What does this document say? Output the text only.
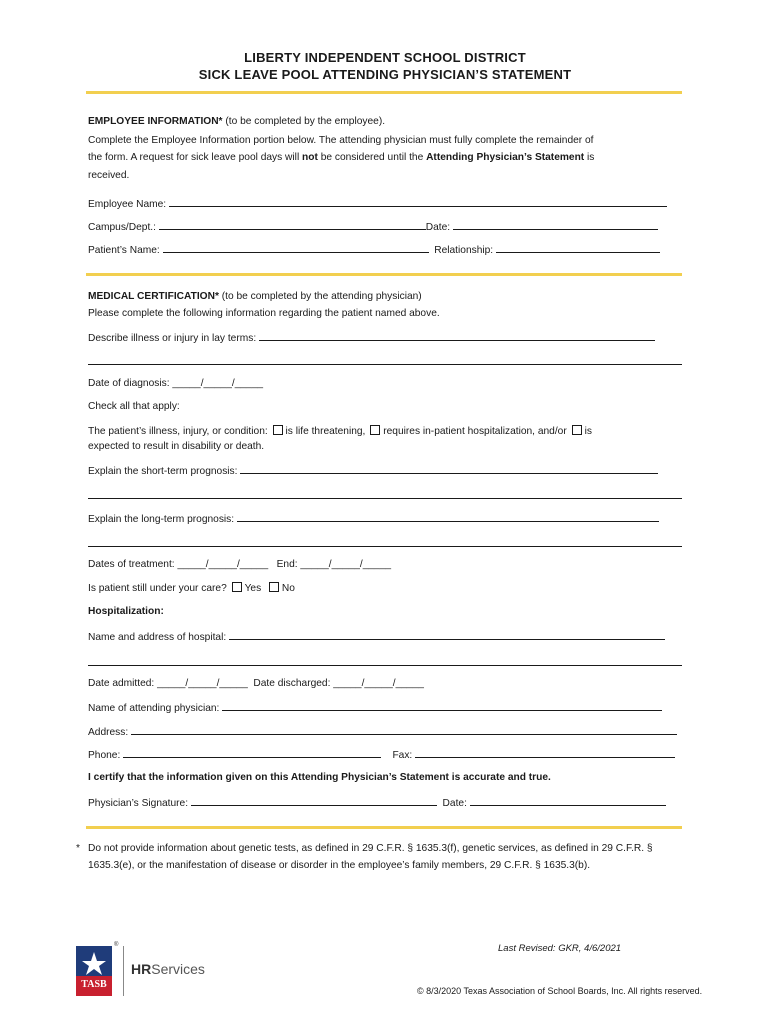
LIBERTY INDEPENDENT SCHOOL DISTRICT
SICK LEAVE POOL ATTENDING PHYSICIAN’S STATEMENT
EMPLOYEE INFORMATION* (to be completed by the employee).
Complete the Employee Information portion below. The attending physician must fully complete the remainder of
the form. A request for sick leave pool days will not be considered until the Attending Physician’s Statement is
received.
Employee Name:
Campus/Dept.:	Date:
Patient’s Name:	Relationship:
MEDICAL CERTIFICATION* (to be completed by the attending physician)
Please complete the following information regarding the patient named above.
Describe illness or injury in lay terms:
Date of diagnosis: _____/_____/_____
Check all that apply:
The patient’s illness, injury, or condition: is life threatening, requires in-patient hospitalization, and/or is
expected to result in disability or death.
Explain the short-term prognosis:
Explain the long-term prognosis:
Dates of treatment: _____/_____/_____   End: _____/_____/_____
Is patient still under your care? Yes No
Hospitalization:
Name and address of hospital:
Date admitted: _____/_____/_____  Date discharged: _____/_____/_____
Name of attending physician:
Address:
Phone:	Fax:
I certify that the information given on this Attending Physician’s Statement is accurate and true.
Physician’s Signature:	Date:
* Do not provide information about genetic tests, as defined in 29 C.F.R. § 1635.3(f), genetic services, as defined in 29 C.F.R. §
1635.3(e), or the manifestation of disease or disorder in the employee’s family members, 29 C.F.R. § 1635.3(b).
Last Revised: GKR, 4/6/2021
TASB
®
HRServices
© 8/3/2020 Texas Association of School Boards, Inc. All rights reserved.
